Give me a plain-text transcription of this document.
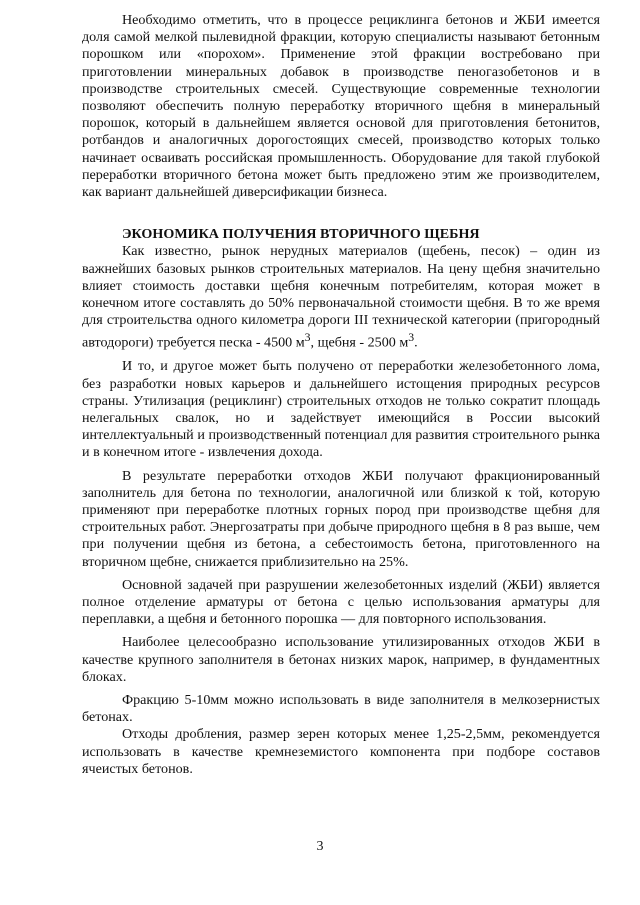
Необходимо отметить, что в процессе рециклинга бетонов и ЖБИ имеется доля самой мелкой пылевидной фракции, которую специалисты называют бетонным порошком или «порохом». Применение этой фракции востребовано при приготовлении минеральных добавок в производстве пеногазобетонов и в производстве строительных смесей. Существующие современные технологии позволяют обеспечить полную переработку вторичного щебня в минеральный порошок, который в дальнейшем является основой для приготовления бетонитов, ротбандов и аналогичных дорогостоящих смесей, производство которых только начинает осваивать российская промышленность. Оборудование для такой глубокой переработки вторичного бетона может быть предложено этим же производителем, как вариант дальнейшей диверсификации бизнеса.

ЭКОНОМИКА ПОЛУЧЕНИЯ ВТОРИЧНОГО ЩЕБНЯ

Как известно, рынок нерудных материалов (щебень, песок) – один из важнейших базовых рынков строительных материалов. На цену щебня значительно влияет стоимость доставки щебня конечным потребителям, которая может в конечном итоге составлять до 50% первоначальной стоимости щебня. В то же время для строительства одного километра дороги III технической категории (пригородный автодороги) требуется песка - 4500 $м^3$, щебня - 2500 $м^3$.

И то, и другое может быть получено от переработки железобетонного лома, без разработки новых карьеров и дальнейшего истощения природных ресурсов страны. Утилизация (рециклинг) строительных отходов не только сократит площадь нелегальных свалок, но и задействует имеющийся в России высокий интеллектуальный и производственный потенциал для развития строительного рынка и в конечном итоге - извлечения дохода.

В результате переработки отходов ЖБИ получают фракционированный заполнитель для бетона по технологии, аналогичной или близкой к той, которую применяют при переработке плотных горных пород при производстве щебня для строительных работ. Энергозатраты при добыче природного щебня в 8 раз выше, чем при получении щебня из бетона, а себестоимость бетона, приготовленного на вторичном щебне, снижается приблизительно на 25%.

Основной задачей при разрушении железобетонных изделий (ЖБИ) является полное отделение арматуры от бетона с целью использования арматуры для переплавки, а щебня и бетонного порошка — для повторного использования.

Наиболее целесообразно использование утилизированных отходов ЖБИ в качестве крупного заполнителя в бетонах низких марок, например, в фундаментных блоках.

Фракцию 5-10мм можно использовать в виде заполнителя в мелкозернистых бетонах.

Отходы дробления, размер зерен которых менее 1,25-2,5мм, рекомендуется использовать в качестве кремнеземистого компонента при подборе составов ячеистых бетонов.

3
